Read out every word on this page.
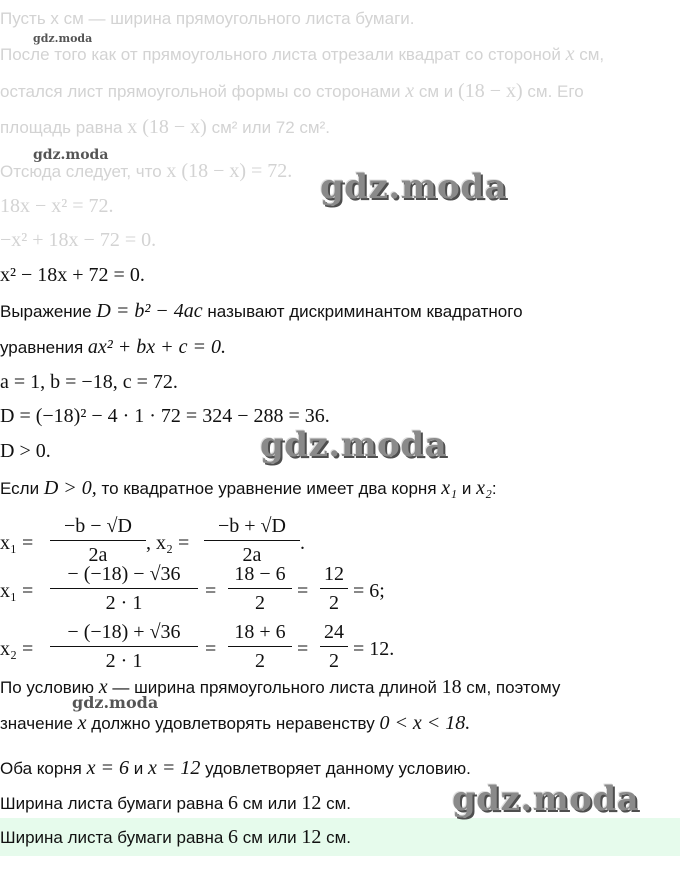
Пусть x см — ширина прямоугольного листа бумаги.
После того как от прямоугольного листа отрезали квадрат со стороной x см,
остался лист прямоугольной формы со сторонами x см и (18 − x) см. Его
площадь равна x (18 − x) см² или 72 см².
Отсюда следует, что x (18 − x) = 72.
18x − x² = 72.
−x² + 18x − 72 = 0.
x² − 18x + 72 = 0.
Выражение D = b² − 4ac называют дискриминантом квадратного
уравнения ax² + bx + c = 0.
a = 1, b = −18, c = 72.
D = (−18)² − 4 · 1 · 72 = 324 − 288 = 36.
D > 0.
Если D > 0, то квадратное уравнение имеет два корня x₁ и x₂:
x₁ =
−b − √D
2a
, x₂ =
−b + √D
2a
.
x₁ =
− (−18) − √36
2 · 1
=
18 − 6
2
=
12
2
= 6;
x₂ =
− (−18) + √36
2 · 1
=
18 + 6
2
=
24
2
= 12.
По условию x — ширина прямоугольного листа длиной 18 см, поэтому
значение x должно удовлетворять неравенству 0 < x < 18.
Оба корня x = 6 и x = 12 удовлетворяет данному условию.
Ширина листа бумаги равна 6 см или 12 см.
Ширина листа бумаги равна 6 см или 12 см.
gdz.moda
gdz.moda
gdz.moda
gdz.moda
gdz.moda
gdz.moda
